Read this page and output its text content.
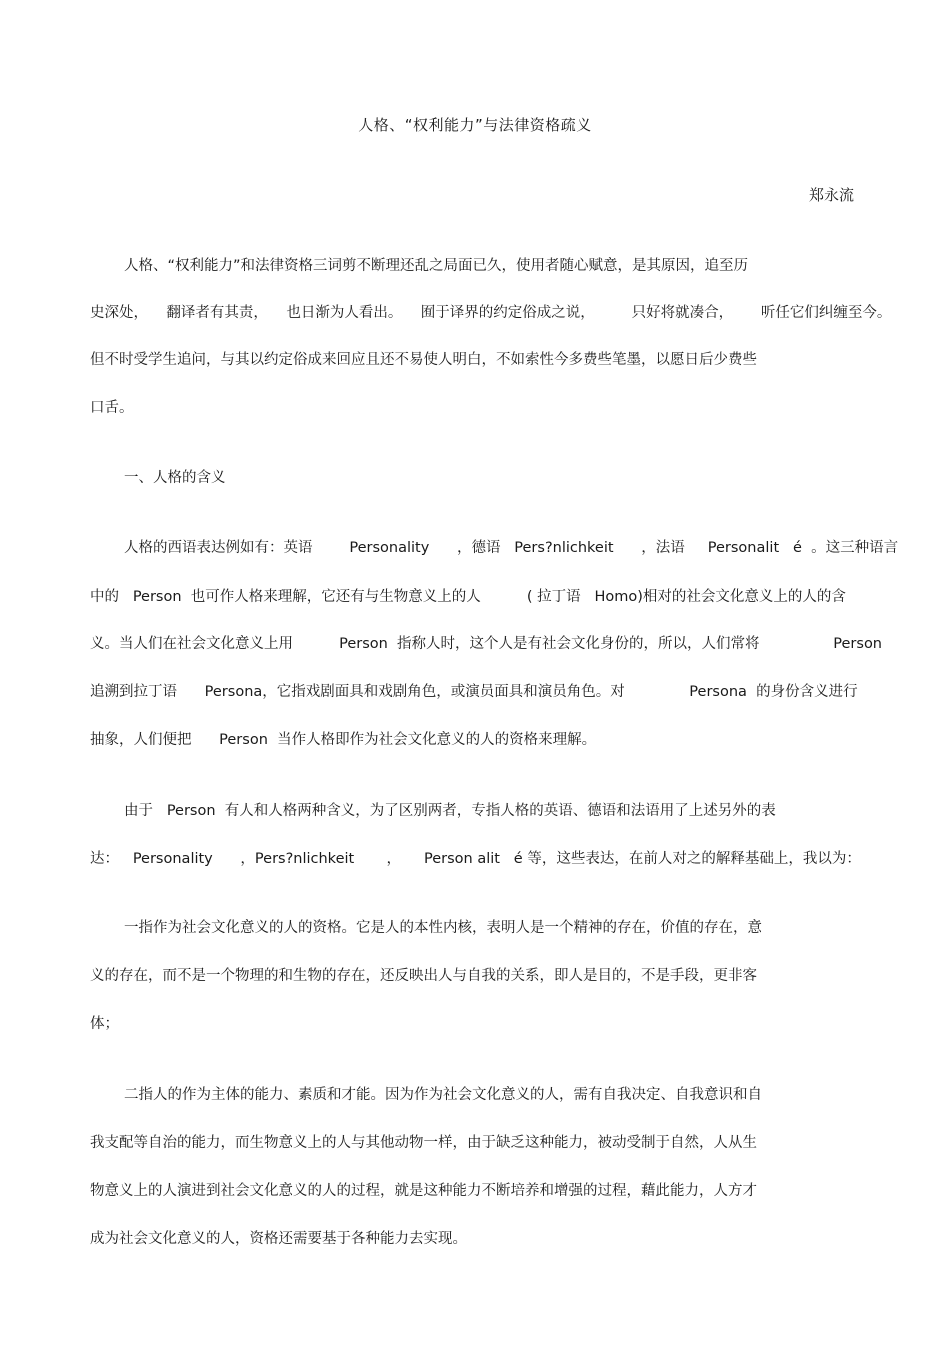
人格、“权利能力”与法律资格疏义
郑永流
人格、“权利能力”和法律资格三词剪不断理还乱之局面已久，使用者随心赋意，是其原因，追至历
史深处，    翻译者有其责，    也日渐为人看出。    囿于译界的约定俗成之说，        只好将就凑合，      听任它们纠缠至今。
但不时受学生追问，与其以约定俗成来回应且还不易使人明白，不如索性今多费些笔墨，以愿日后少费些
口舌。
一、人格的含义
人格的西语表达例如有：英语        Personality      ，德语   Pers?nlichkeit      ，法语     Personalit   é  。这三种语言
中的   Person  也可作人格来理解，它还有与生物意义上的人          ( 拉丁语   Homo)相对的社会文化意义上的人的含
义。当人们在社会文化意义上用          Person  指称人时，这个人是有社会文化身份的，所以，人们常将                Person
追溯到拉丁语      Persona，它指戏剧面具和戏剧角色，或演员面具和演员角色。对              Persona  的身份含义进行
抽象，人们便把      Person  当作人格即作为社会文化意义的人的资格来理解。
由于   Person  有人和人格两种含义，为了区别两者，专指人格的英语、德语和法语用了上述另外的表
达：   Personality      ，Pers?nlichkeit       ，     Person alit   é 等，这些表达，在前人对之的解释基础上，我以为：
一指作为社会文化意义的人的资格。它是人的本性内核，表明人是一个精神的存在，价值的存在，意
义的存在，而不是一个物理的和生物的存在，还反映出人与自我的关系，即人是目的，不是手段，更非客
体；
二指人的作为主体的能力、素质和才能。因为作为社会文化意义的人，需有自我决定、自我意识和自
我支配等自治的能力，而生物意义上的人与其他动物一样，由于缺乏这种能力，被动受制于自然，人从生
物意义上的人演进到社会文化意义的人的过程，就是这种能力不断培养和增强的过程，藉此能力，人方才
成为社会文化意义的人，资格还需要基于各种能力去实现。
